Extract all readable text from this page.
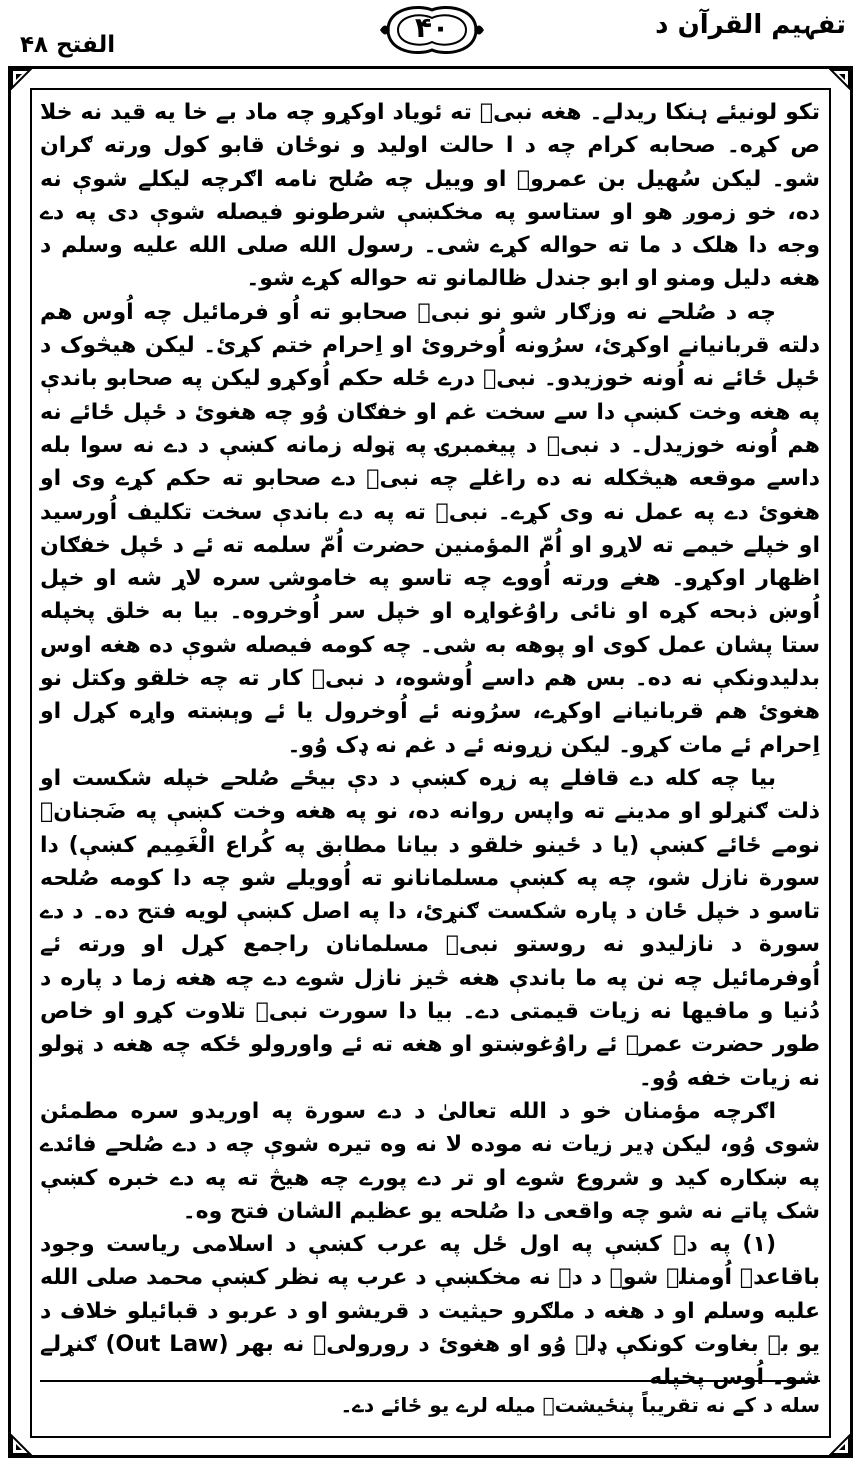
تفہیم القرآن د
۴۰
الفتح ۴۸

تکو لونیئے ہنکا ریدلے۔ هغه نبیؐ ته ئویاد اوکړو چه ماد بے خا یه قید نه خلا ص کړه۔ صحابه کرام چه د ا حالت اولید و نوځان قابو کول ورته ګران شو۔ لیکن سُهیل بن عمروؓ او وییل چه صُلح نامه اګرچه لیکلے شوې نه ده، خو زموږ هو او ستاسو په مخکښې شرطونو فیصله شوې دی په دے وجه دا هلک د ما ته حواله کړے شی۔ رسول الله صلی الله علیه وسلم د هغه دلیل ومنو او ابو جندل ظالمانو ته حواله کړے شو۔

چه د صُلحے نه وزګار شو نو نبیؐ صحابو ته اُو فرمائیل چه اُوس هم دلته قربانیانے اوکړئ، سرُونه اُوخروئ او اِحرام ختم کړئ۔ لیکن هیڅوک د ځپل ځائے نه اُونه خوزیدو۔ نبیؐ درے ځله حکم اُوکړو لیکن په صحابو باندې په هغه وخت کښې دا سے سخت غم او خفګان وُو چه هغوئ د ځپل ځائے نه هم اُونه خوزیدل۔ د نبیؐ د پیغمبرۍ په ټوله زمانه کښې د دے نه سوا بله داسے موقعه هیڅکله نه ده راغلے چه نبیؐ دے صحابو ته حکم کړے وی او هغوئ دے په عمل نه وی کړے۔ نبیؐ ته په دے باندې سخت تکلیف اُورسید او خپلے خیمے ته لاړو او اُمّ المؤمنین حضرت اُمّ سلمه ته ئے د ځپل خفګان اظهار اوکړو۔ هغے ورته اُووے چه تاسو په خاموشۍ سره لاړ شه او خپل اُوښ ذبحه کړه او نائی راوُغواړه او خپل سر اُوخروه۔ بیا به خلق پخپله ستا پشان عمل کوی او پوهه به شی۔ چه کومه فیصله شوې ده هغه اوس بدلیدونکې نه ده۔ بس هم داسے اُوشوه، د نبیؐ کار ته چه خلقو وکتل نو هغوئ هم قربانیانے اوکړے، سرُونه ئے اُوخرول یا ئے وېښته واړه کړل او اِحرام ئے مات کړو۔ لیکن زړونه ئے د غم نه ډک وُو۔

بیا چه کله دے قافلے په زړه کښې د دې بیځے صُلحے خپله شکست او ذلت ګنړلو او مدینے ته واپس روانه ده، نو په هغه وخت کښې په ضَجنانؐ نومے ځائے کښې (یا د ځینو خلقو د بیانا مطابق په کُراع الْغَمِیم کښې) دا سورة نازل شو، چه په کښې مسلمانانو ته اُوویلے شو چه دا کومه صُلحه تاسو د خپل ځان د پاره شکست ګنړئ، دا په اصل کښې لویه فتح ده۔ د دے سورة د نازلیدو نه روستو نبیؐ مسلمانان راجمع کړل او ورته ئے اُوفرمائیل چه نن په ما باندې هغه څیز نازل شوے دے چه هغه زما د پاره د دُنیا و مافیها نه زیات قیمتی دے۔ بیا دا سورت نبیؐ تلاوت کړو او خاص طور حضرت عمرؓ ئے راوُغوښتو او هغه ته ئے واورولو ځکه چه هغه د ټولو نه زیات خفه وُو۔

اګرچه مؤمنان خو د الله تعالیٰ د دے سورة په اوریدو سره مطمئن شوی وُو، لیکن ډیر زیات نه موده لا نه وه تیره شوې چه د دے صُلحے فائدے په ښکاره کید و شروع شوے او تر دے پورے چه هیڅ ته په دے خبره کښې شک پاتے نه شو چه واقعی دا صُلحه یو عظیم الشان فتح وه۔

(۱) په دے کښې په اول ځل په عرب کښې د اسلامی ریاست وجود باقاعدہ اُومنلے شو۔ د دے نه مخکښې د عرب په نظر کښې محمد صلی الله علیه وسلم او د هغه د ملګرو حیثیت د قریشو او د عربو د قبائیلو خلاف د یو بے بغاوت کونکې ډلے وُو او هغوئ د رورولیؐ نه بهر (Out Law) ګنړلے شو۔ اُوس پخپله

سله د کے نه تقریباً پنځیشتؐ میله لرے یو ځائے دے۔
